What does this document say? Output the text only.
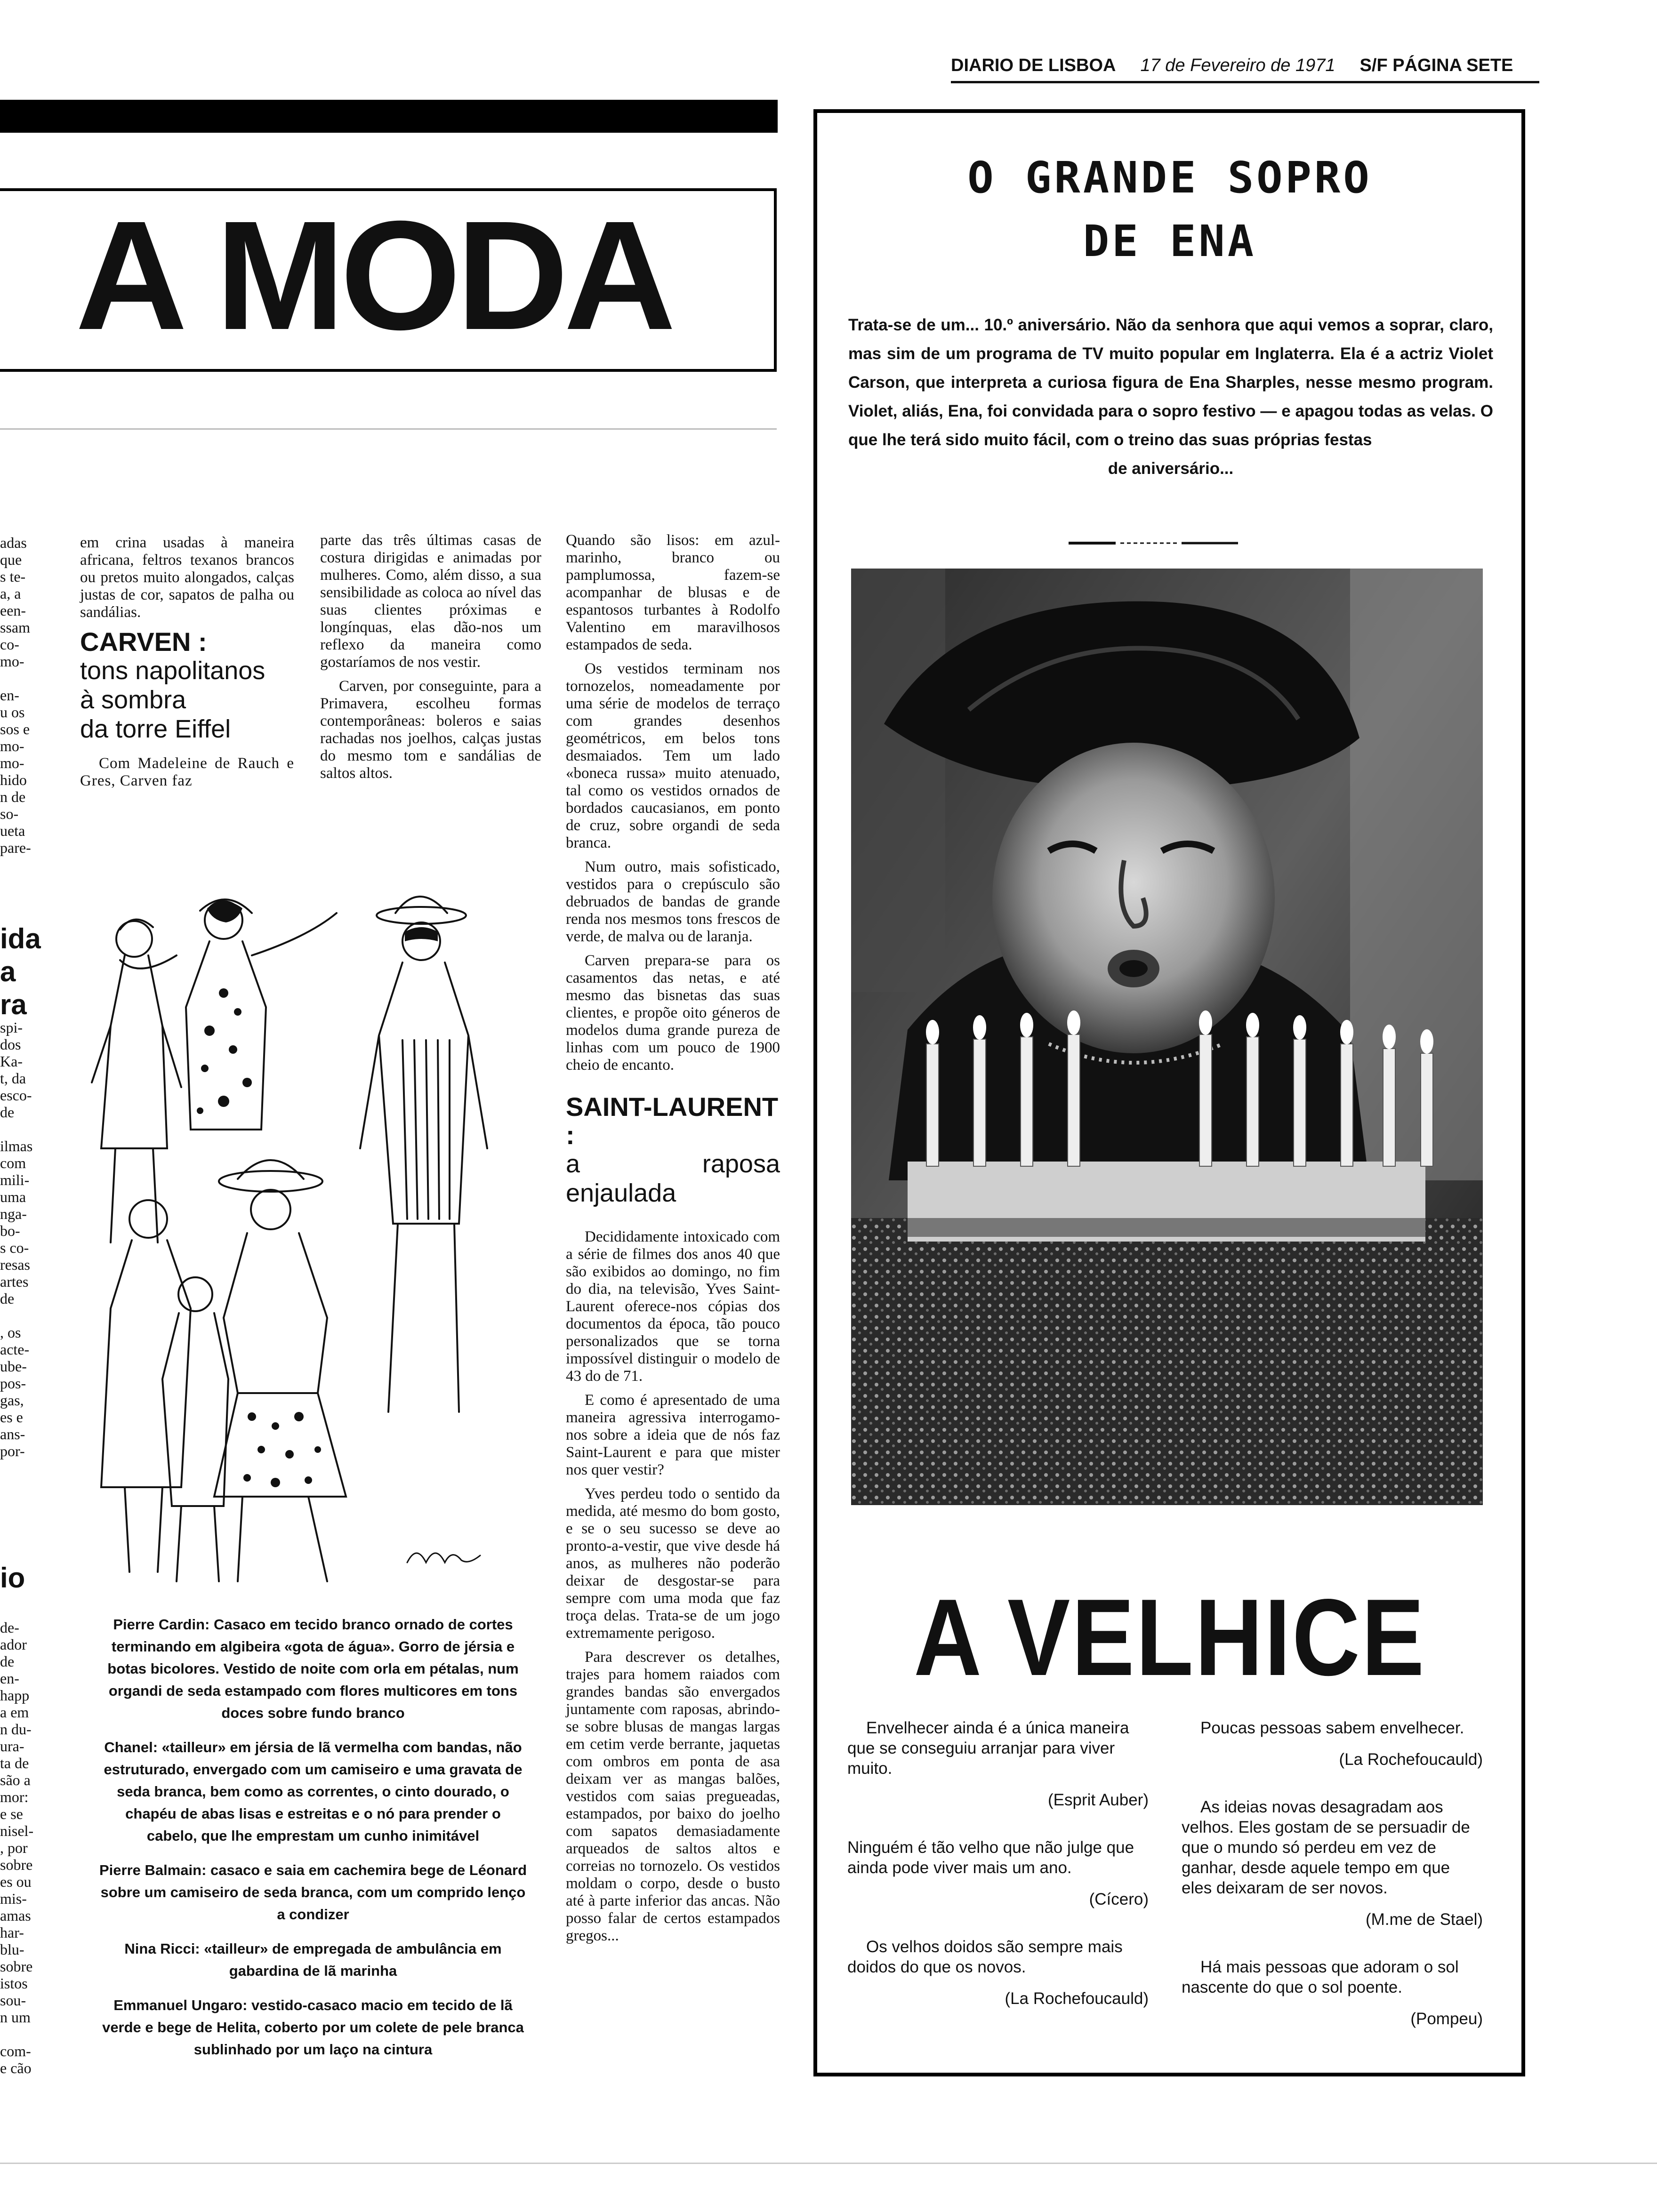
DIARIO DE LISBOA 17 de Fevereiro de 1971 S/F PÁGINA SETE
A MODA
adas
que
s te-
a, a
een-
ssam
co-
mo-

en-
u os
sos e
mo-
mo-
hido
n de
so-
ueta
pare-
ida
a
ra
spi-
dos
Ka-
t, da
esco-
de

ilmas
com
mili-
uma
nga-
bo-
s co-
resas
artes
de

, os
acte-
ube-
pos-
gas,
es e
ans-
por-
io
de-
ador
de
en-
happ
a em
n du-
ura-
ta de
são a
mor:
e se
nisel-
, por
sobre
es ou
mis-
amas
har-
blu-
sobre
istos
sou-
n um

com-
e cão

em crina usadas à maneira africana, feltros texanos brancos ou pretos muito alongados, calças justas de cor, sapatos de palha ou sandálias.

CARVEN :
tons napolitanos
à sombra
da torre Eiffel

Com Madeleine de Rauch e Gres, Carven faz

parte das três últimas casas de costura dirigidas e animadas por mulheres. Como, além disso, a sua sensibilidade as coloca ao nível das suas clientes próximas e longínquas, elas dão-nos um reflexo da maneira como gostaríamos de nos vestir.

Carven, por conseguinte, para a Primavera, escolheu formas contemporâneas: boleros e saias rachadas nos joelhos, calças justas do mesmo tom e sandálias de saltos altos.

Quando são lisos: em azul-marinho, branco ou pamplumossa, fazem-se acompanhar de blusas e de espantosos turbantes à Rodolfo Valentino em maravilhosos estampados de seda.

Os vestidos terminam nos tornozelos, nomeadamente por uma série de modelos de terraço com grandes desenhos geométricos, em belos tons desmaiados. Tem um lado «boneca russa» muito atenuado, tal como os vestidos ornados de bordados caucasianos, em ponto de cruz, sobre organdi de seda branca.

Num outro, mais sofisticado, vestidos para o crepúsculo são debruados de bandas de grande renda nos mesmos tons frescos de verde, de malva ou de laranja.

Carven prepara-se para os casamentos das netas, e até mesmo das bisnetas das suas clientes, e propõe oito géneros de modelos duma grande pureza de linhas com um pouco de 1900 cheio de encanto.

SAINT-LAURENT :
a raposa enjaulada

Decididamente intoxicado com a série de filmes dos anos 40 que são exibidos ao domingo, no fim do dia, na televisão, Yves Saint-Laurent oferece-nos cópias dos documentos da época, tão pouco personalizados que se torna impossível distinguir o modelo de 43 do de 71.

E como é apresentado de uma maneira agressiva interrogamo-nos sobre a ideia que de nós faz Saint-Laurent e para que mister nos quer vestir?

Yves perdeu todo o sentido da medida, até mesmo do bom gosto, e se o seu sucesso se deve ao pronto-a-vestir, que vive desde há anos, as mulheres não poderão deixar de desgostar-se para sempre com uma moda que faz troça delas. Trata-se de um jogo extremamente perigoso.

Para descrever os detalhes, trajes para homem raiados com grandes bandas são envergados juntamente com raposas, abrindo-se sobre blusas de mangas largas em cetim verde berrante, jaquetas com ombros em ponta de asa deixam ver as mangas balões, vestidos com saias pregueadas, estampados, por baixo do joelho com sapatos demasiadamente arqueados de saltos altos e correias no tornozelo. Os vestidos moldam o corpo, desde o busto até à parte inferior das ancas. Não posso falar de certos estampados gregos...

Pierre Cardin: Casaco em tecido branco ornado de cortes terminando em algibeira «gota de água». Gorro de jérsia e botas bicolores. Vestido de noite com orla em pétalas, num organdi de seda estampado com flores multicores em tons doces sobre fundo branco

Chanel: «tailleur» em jérsia de lã vermelha com bandas, não estruturado, envergado com um camiseiro e uma gravata de seda branca, bem como as correntes, o cinto dourado, o chapéu de abas lisas e estreitas e o nó para prender o cabelo, que lhe emprestam um cunho inimitável

Pierre Balmain: casaco e saia em cachemira bege de Léonard sobre um camiseiro de seda branca, com um comprido lenço a condizer

Nina Ricci: «tailleur» de empregada de ambulância em gabardina de lã marinha

Emmanuel Ungaro: vestido-casaco macio em tecido de lã verde e bege de Helita, coberto por um colete de pele branca sublinhado por um laço na cintura

O GRANDE SOPRO
DE ENA
Trata-se de um... 10.º aniversário. Não da senhora que aqui vemos a soprar, claro, mas sim de um programa de TV muito popular em Inglaterra. Ela é a actriz Violet Carson, que interpreta a curiosa figura de Ena Sharples, nesse mesmo program. Violet, aliás, Ena, foi convidada para o sopro festivo — e apagou todas as velas. O que lhe terá sido muito fácil, com o treino das suas próprias festas
de aniversário...
A VELHICE

Envelhecer ainda é a única maneira que se conseguiu arranjar para viver muito.

(Esprit Auber)

Ninguém é tão velho que não julge que ainda pode viver mais um ano.

(Cícero)

Os velhos doidos são sempre mais doidos do que os novos.

(La Rochefoucauld)

Poucas pessoas sabem envelhecer.

(La Rochefoucauld)

As ideias novas desagradam aos velhos. Eles gostam de se persuadir de que o mundo só perdeu em vez de ganhar, desde aquele tempo em que eles deixaram de ser novos.

(M.me de Stael)

Há mais pessoas que adoram o sol nascente do que o sol poente.

(Pompeu)
